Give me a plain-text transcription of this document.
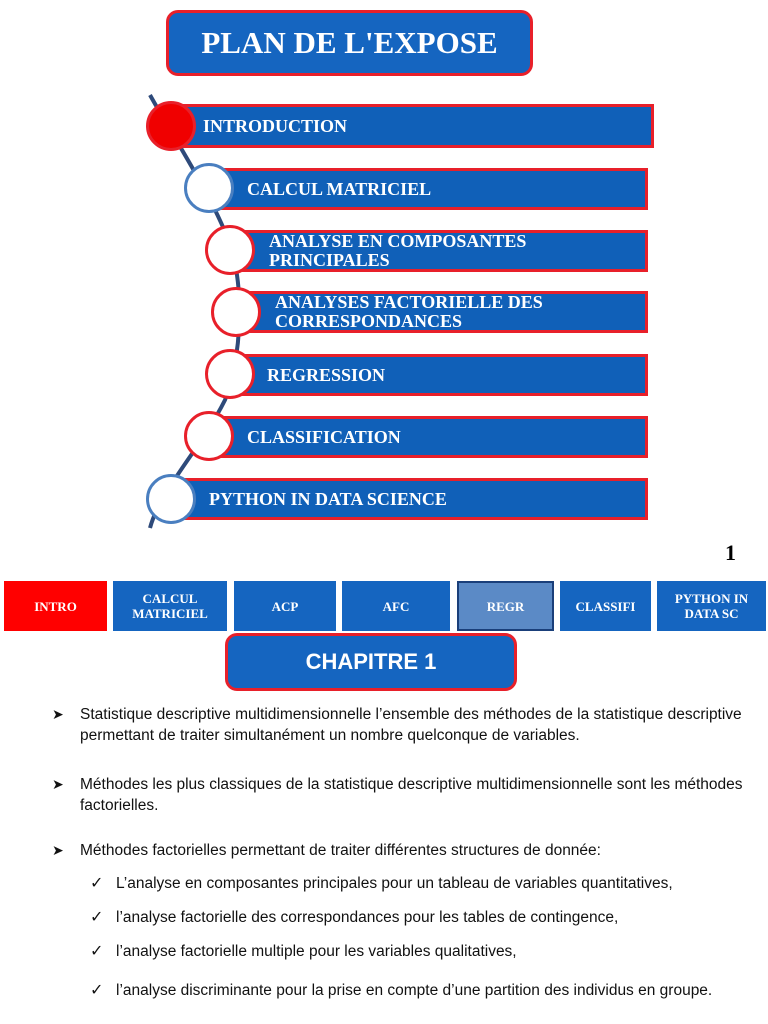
PLAN DE L'EXPOSE
INTRODUCTION
CALCUL MATRICIEL
ANALYSE EN COMPOSANTES PRINCIPALES
ANALYSES FACTORIELLE DES CORRESPONDANCES
REGRESSION
CLASSIFICATION
PYTHON IN DATA SCIENCE
1
INTRO	CALCUL MATRICIEL	ACP	AFC	REGR	CLASSIFI	PYTHON IN DATA SC
CHAPITRE 1
➤ Statistique descriptive multidimensionnelle l’ensemble des méthodes de la statistique descriptive permettant de traiter simultanément un nombre quelconque de variables.
➤ Méthodes les plus classiques de la statistique descriptive multidimensionnelle sont les méthodes factorielles.
➤ Méthodes factorielles permettant de traiter différentes structures de donnée:
✓ L’analyse en composantes principales pour un tableau de variables quantitatives,
✓ l’analyse factorielle des correspondances pour les tables de contingence,
✓ l’analyse factorielle multiple pour les variables qualitatives,
✓ l’analyse discriminante pour la prise en compte d’une partition des individus en groupe.
